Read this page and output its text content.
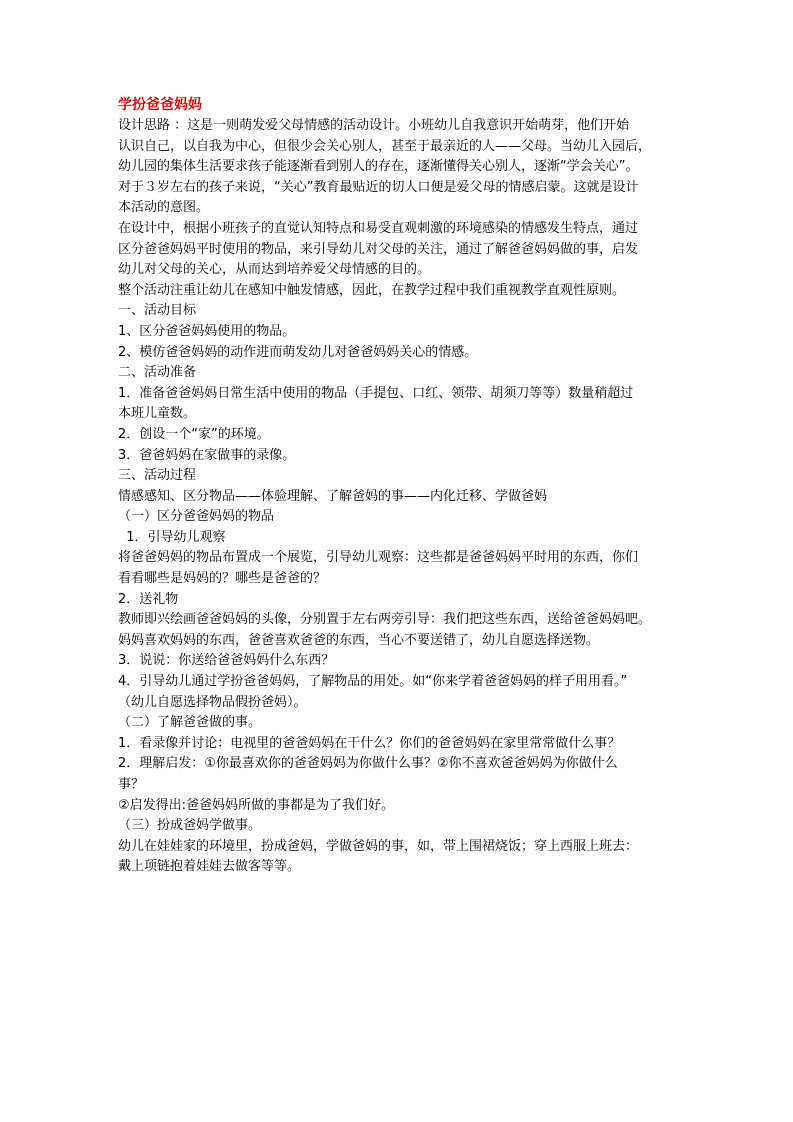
学扮爸爸妈妈
设计思路 ：这是一则萌发爱父母情感的活动设计。小班幼儿自我意识开始萌芽，他们开始
认识自己，以自我为中心，但很少会关心别人，甚至于最亲近的人——父母。当幼儿入园后，
幼儿园的集体生活要求孩子能逐渐看到别人的存在，逐渐懂得关心别人，逐渐“学会关心”。
对于３岁左右的孩子来说，“关心”教育最贴近的切人口便是爱父母的情感启蒙。这就是设计
本活动的意图。
在设计中，根据小班孩子的直觉认知特点和易受直观刺激的环境感染的情感发生特点，通过
区分爸爸妈妈平时使用的物品，来引导幼儿对父母的关注，通过了解爸爸妈妈做的事，启发
幼儿对父母的关心，从而达到培养爱父母情感的目的。
整个活动注重让幼儿在感知中触发情感，因此，在教学过程中我们重视教学直观性原则。
一、活动目标
1、区分爸爸妈妈使用的物品。
2、模仿爸爸妈妈的动作进而萌发幼儿对爸爸妈妈关心的情感。
二、活动准备
1．准备爸爸妈妈日常生活中使用的物品（手提包、口红、领带、胡须刀等等）数量稍超过
本班儿童数。
2．创设一个“家”的环境。
3．爸爸妈妈在家做事的录像。
三、活动过程
情感感知、区分物品——体验理解、了解爸妈的事——内化迁移、学做爸妈
（一）区分爸爸妈妈的物品
1．引导幼儿观察
将爸爸妈妈的物品布置成一个展览，引导幼儿观察：这些都是爸爸妈妈平时用的东西，你们
看看哪些是妈妈的？哪些是爸爸的？
2．送礼物
教师即兴绘画爸爸妈妈的头像，分别置于左右两旁引导：我们把这些东西，送给爸爸妈妈吧。
妈妈喜欢妈妈的东西，爸爸喜欢爸爸的东西，当心不要送错了，幼儿自愿选择送物。
3．说说：你送给爸爸妈妈什么东西？
4．引导幼儿通过学扮爸爸妈妈，了解物品的用处。如“你来学着爸爸妈妈的样子用用看。”
（幼儿自愿选择物品假扮爸妈）。
（二）了解爸爸做的事。
1．看录像并讨论：电视里的爸爸妈妈在干什么？你们的爸爸妈妈在家里常常做什么事？
2．理解启发：①你最喜欢你的爸爸妈妈为你做什么事？②你不喜欢爸爸妈妈为你做什么
事？
②启发得出:爸爸妈妈所做的事都是为了我们好。
（三）扮成爸妈学做事。
幼儿在娃娃家的环境里，扮成爸妈，学做爸妈的事，如，带上围裙烧饭；穿上西服上班去：
戴上项链抱着娃娃去做客等等。
